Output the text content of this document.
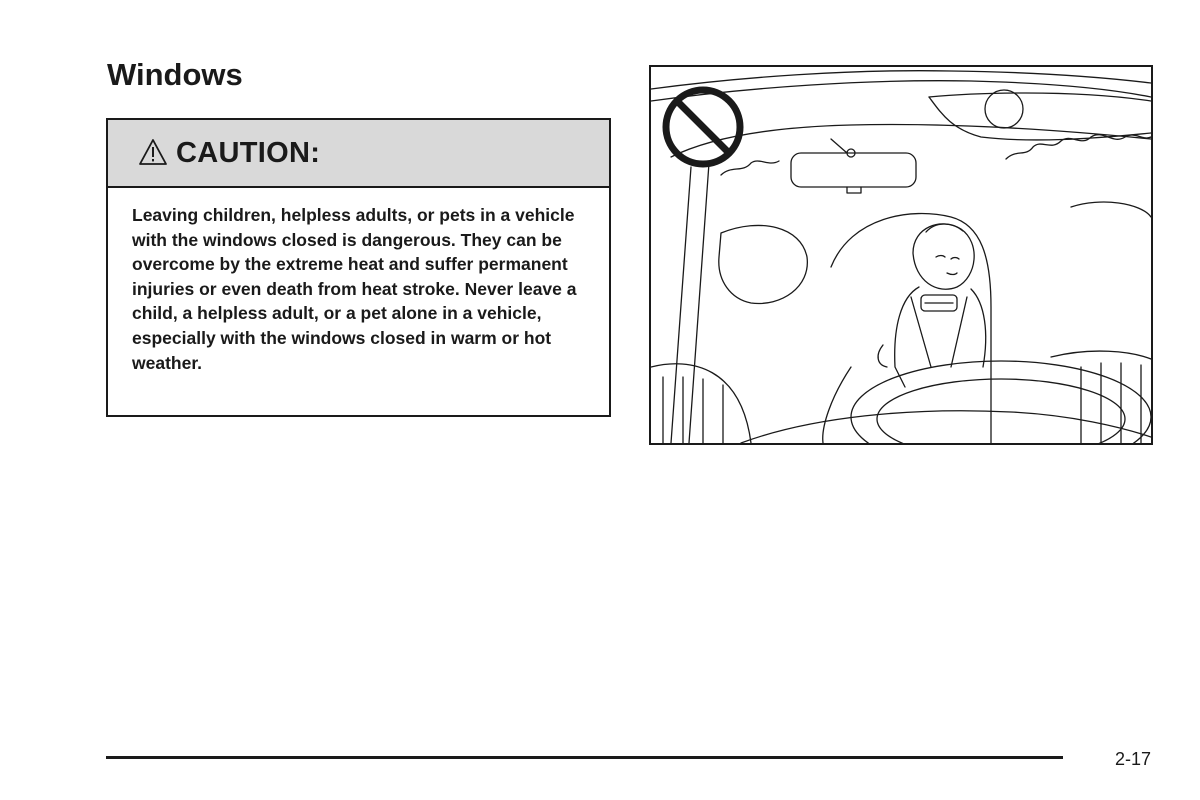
Windows
CAUTION:
Leaving children, helpless adults, or pets in a vehicle with the windows closed is dangerous. They can be overcome by the extreme heat and suffer permanent injuries or even death from heat stroke. Never leave a child, a helpless adult, or a pet alone in a vehicle, especially with the windows closed in warm or hot weather.
2-17
